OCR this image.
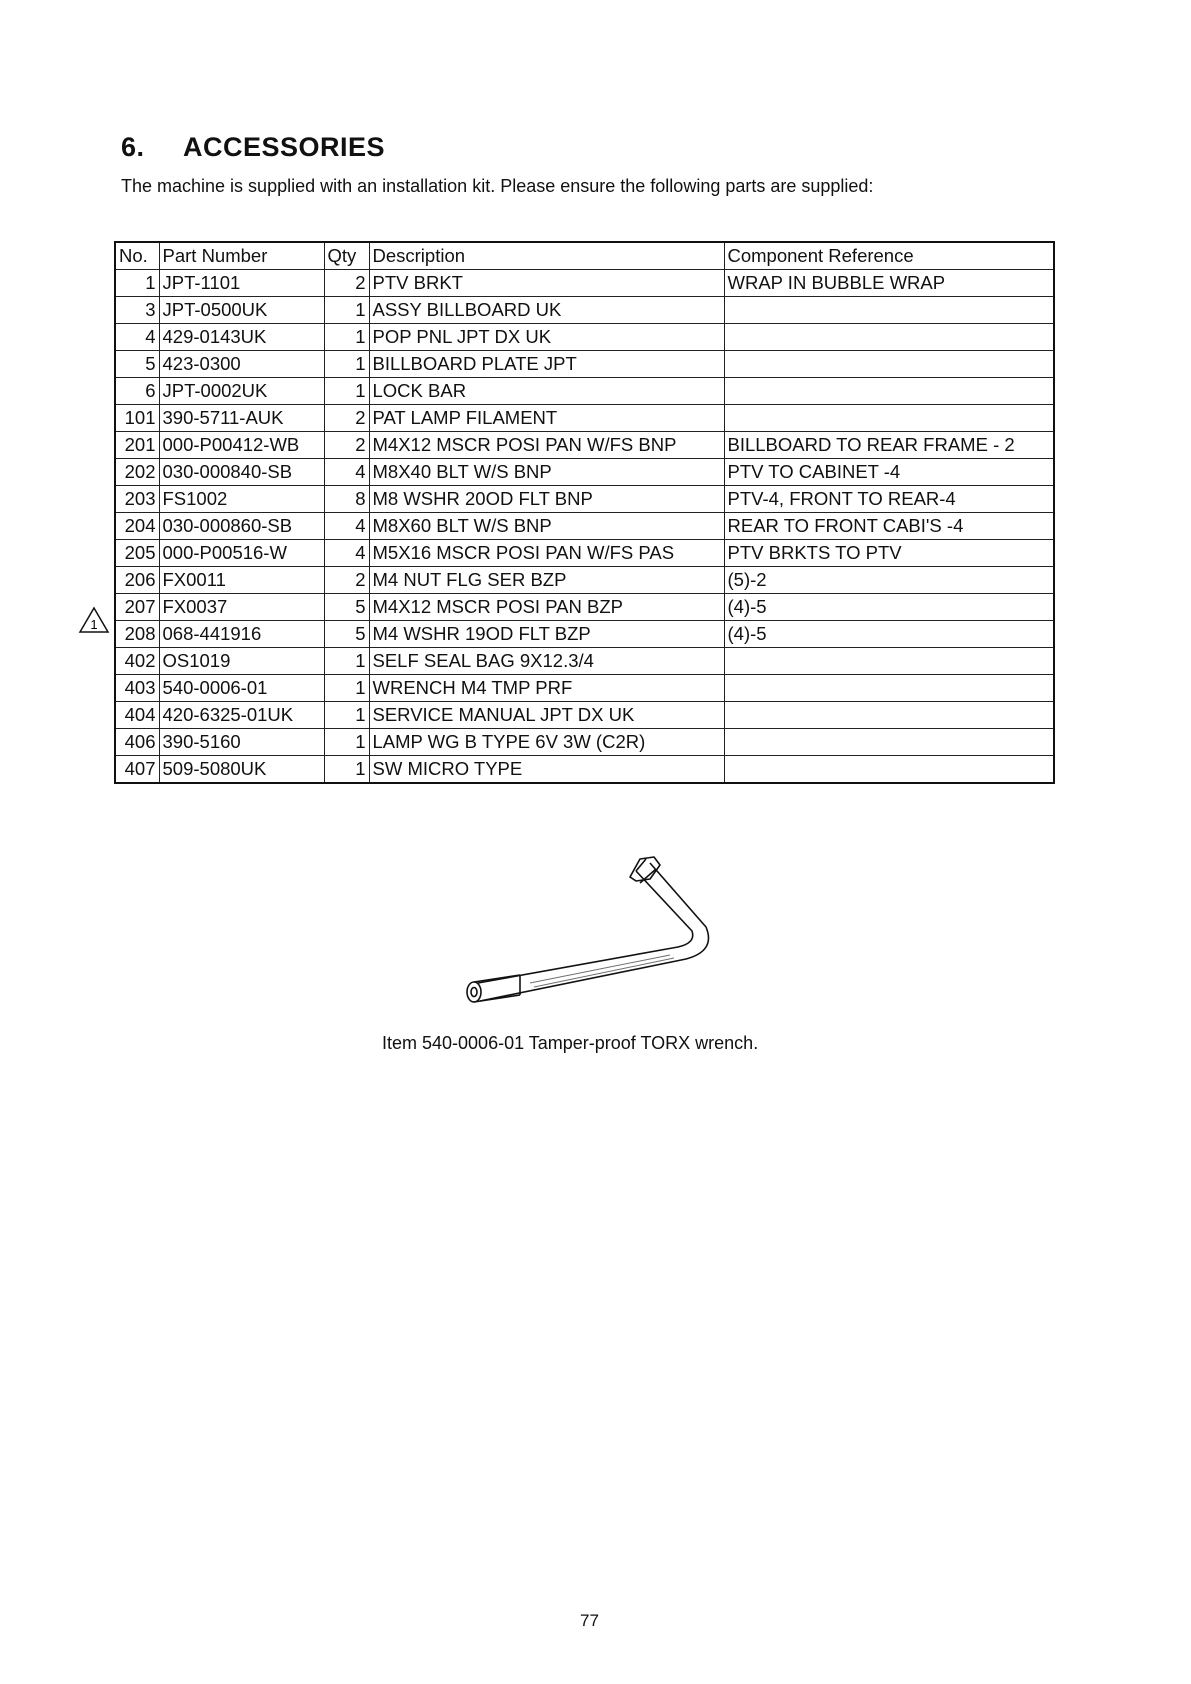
6. ACCESSORIES
The machine is supplied with an installation kit. Please ensure the following parts are supplied:
1
No.	Part Number	Qty	Description	Component Reference
1	JPT-1101	2	PTV BRKT	WRAP IN BUBBLE WRAP
3	JPT-0500UK	1	ASSY BILLBOARD UK	
4	429-0143UK	1	POP PNL JPT DX UK	
5	423-0300	1	BILLBOARD PLATE JPT	
6	JPT-0002UK	1	LOCK BAR	
101	390-5711-AUK	2	PAT LAMP FILAMENT	
201	000-P00412-WB	2	M4X12 MSCR POSI PAN W/FS BNP	BILLBOARD TO REAR FRAME - 2
202	030-000840-SB	4	M8X40 BLT W/S BNP	PTV TO CABINET -4
203	FS1002	8	M8 WSHR 20OD FLT BNP	PTV-4, FRONT TO REAR-4
204	030-000860-SB	4	M8X60 BLT W/S BNP	REAR TO FRONT CABI'S -4
205	000-P00516-W	4	M5X16 MSCR POSI PAN W/FS PAS	PTV BRKTS TO PTV
206	FX0011	2	M4 NUT FLG SER BZP	(5)-2
207	FX0037	5	M4X12 MSCR POSI PAN BZP	(4)-5
208	068-441916	5	M4 WSHR 19OD FLT BZP	(4)-5
402	OS1019	1	SELF SEAL BAG 9X12.3/4	
403	540-0006-01	1	WRENCH M4 TMP PRF	
404	420-6325-01UK	1	SERVICE MANUAL JPT DX UK	
406	390-5160	1	LAMP WG B TYPE 6V 3W (C2R)	
407	509-5080UK	1	SW MICRO TYPE	
Item 540-0006-01 Tamper-proof TORX wrench.
77
